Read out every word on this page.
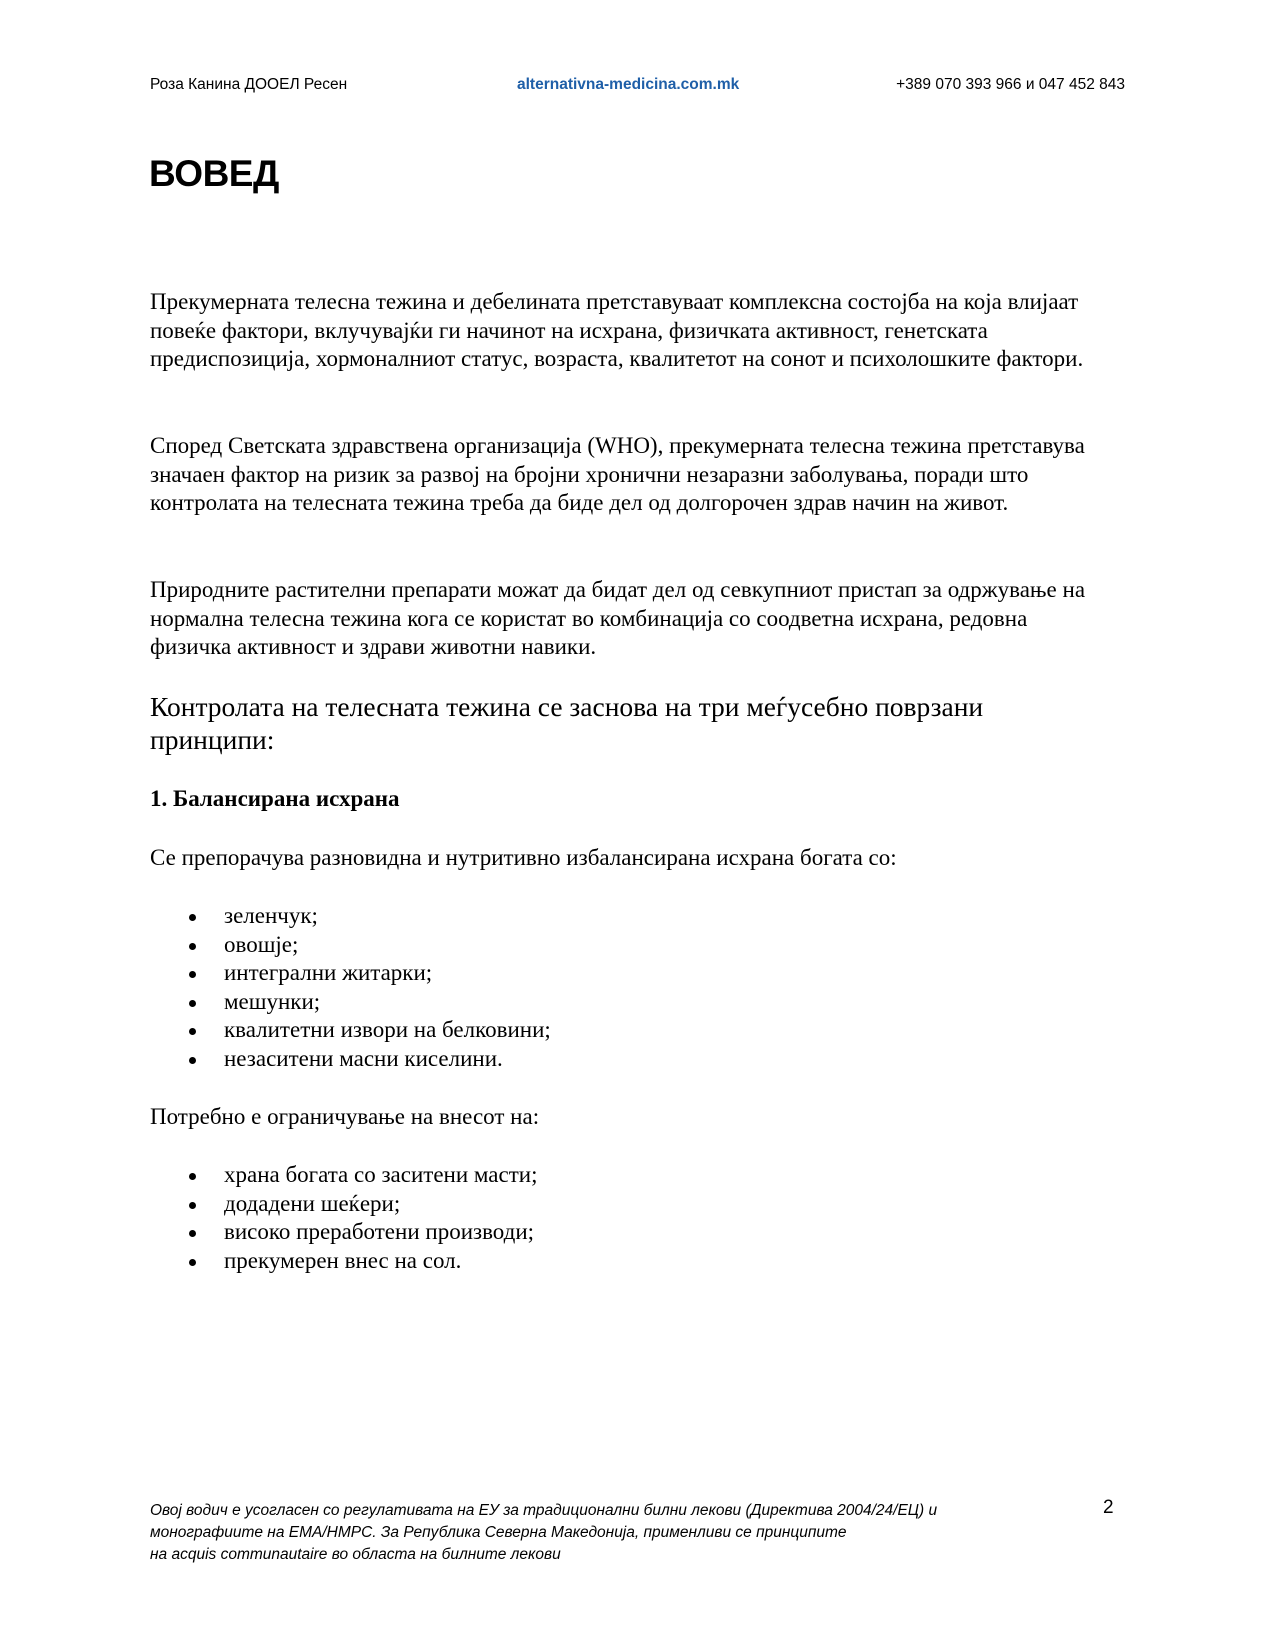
Роза Канина ДООЕЛ Ресен	alternativna-medicina.com.mk	+389 070 393 966 и 047 452 843
ВОВЕД

Прекумерната телесна тежина и дебелината претставуваат комплексна состојба на која влијаат повеќе фактори, вклучувајќи ги начинот на исхрана, физичката активност, генетската предиспозиција, хормоналниот статус, возраста, квалитетот на сонот и психолошките фактори.

Според Светската здравствена организација (WHO), прекумерната телесна тежина претставува значаен фактор на ризик за развој на бројни хронични незаразни заболувања, поради што контролата на телесната тежина треба да биде дел од долгорочен здрав начин на живот.

Природните растителни препарати можат да бидат дел од севкупниот пристап за одржување на нормална телесна тежина кога се користат во комбинација со соодветна исхрана, редовна физичка активност и здрави животни навики.

Контролата на телесната тежина се заснова на три меѓусебно поврзани принципи:
1. Балансирана исхрана

Се препорачува разновидна и нутритивно избалансирана исхрана богата со:

зеленчук;
овошје;
интегрални житарки;
мешунки;
квалитетни извори на белковини;
незаситени масни киселини.

Потребно е ограничување на внесот на:

храна богата со заситени масти;
додадени шеќери;
високо преработени производи;
прекумерен внес на сол.
Овој водич е усогласен со регулативата на ЕУ за традиционални билни лекови (Директива 2004/24/ЕЦ) и
монографиите на ЕМА/HMPC. За Република Северна Македонија, применливи се принципите
на acquis communautaire во областа на билните лекови
2
